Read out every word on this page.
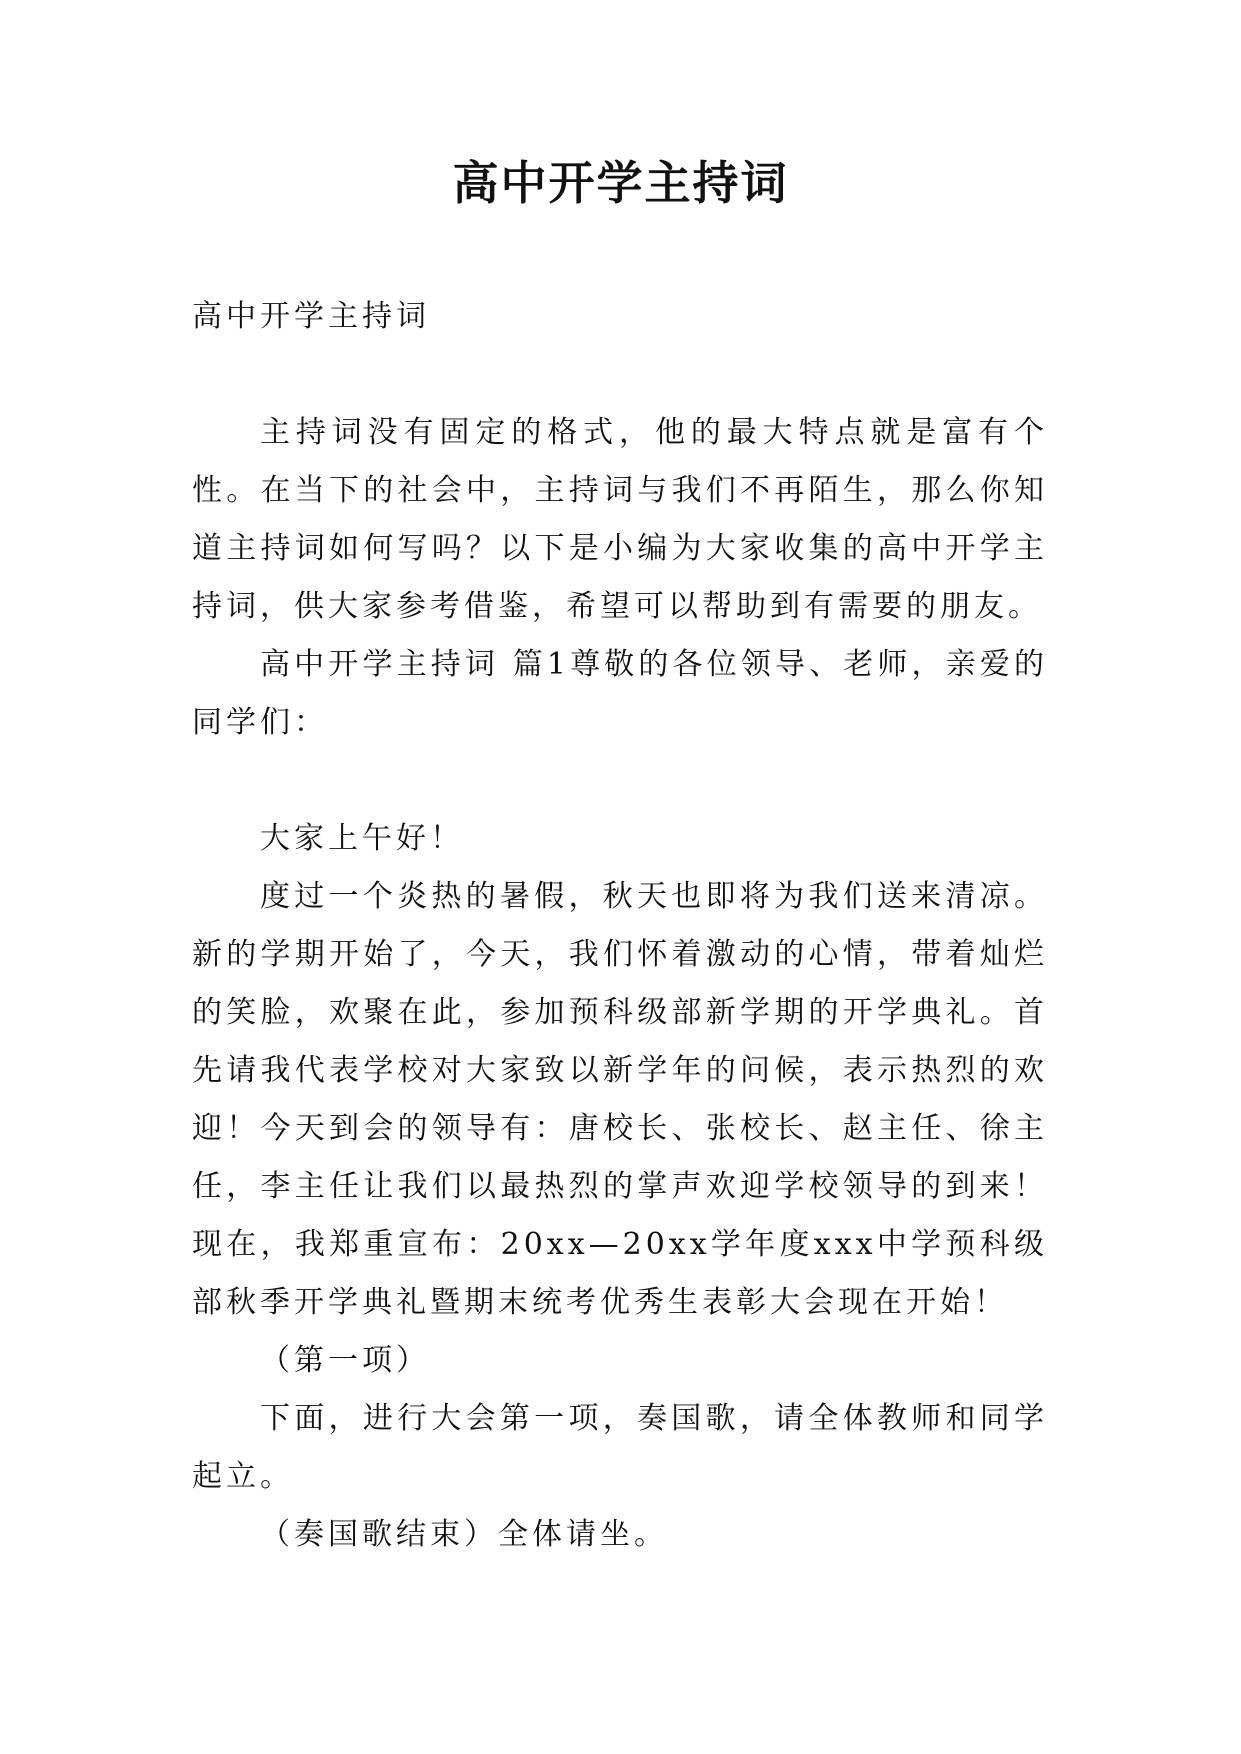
高中开学主持词

高中开学主持词

主持词没有固定的格式，他的最大特点就是富有个性。在当下的社会中，主持词与我们不再陌生，那么你知道主持词如何写吗？以下是小编为大家收集的高中开学主持词，供大家参考借鉴，希望可以帮助到有需要的朋友。

高中开学主持词 篇1尊敬的各位领导、老师，亲爱的同学们：

大家上午好！

度过一个炎热的暑假，秋天也即将为我们送来清凉。新的学期开始了，今天，我们怀着激动的心情，带着灿烂的笑脸，欢聚在此，参加预科级部新学期的开学典礼。首先请我代表学校对大家致以新学年的问候，表示热烈的欢迎！今天到会的领导有：唐校长、张校长、赵主任、徐主任，李主任让我们以最热烈的掌声欢迎学校领导的到来！现在，我郑重宣布：20xx—20xx学年度xxx中学预科级部秋季开学典礼暨期末统考优秀生表彰大会现在开始！

（第一项）

下面，进行大会第一项，奏国歌，请全体教师和同学起立。

（奏国歌结束）全体请坐。
